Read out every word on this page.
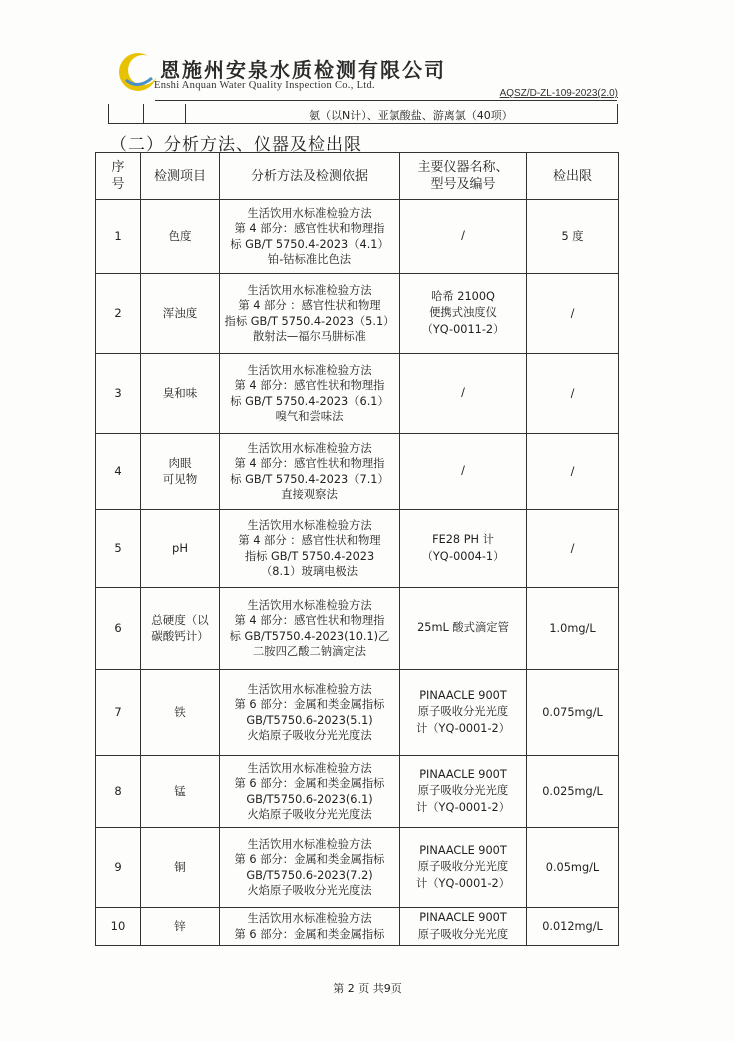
恩施州安泉水质检测有限公司
Enshi Anquan Water Quality Inspection Co., Ltd.
AQSZ/D-ZL-109-2023(2.0)
氨（以N计）、亚氯酸盐、游离氯（40项）
（二）分析方法、仪器及检出限
序
号	检测项目	分析方法及检测依据	主要仪器名称、
型号及编号	检出限

1	色度	生活饮用水标准检验方法
第 4 部分：感官性状和物理指
标 GB/T 5750.4-2023（4.1）
铂-钴标准比色法	/	5 度
2	浑浊度	生活饮用水标准检验方法
第 4 部分 ：感官性状和物理
指标 GB/T 5750.4-2023（5.1）
散射法—福尔马肼标准	哈希 2100Q
便携式浊度仪
（YQ-0011-2）	/
3	臭和味	生活饮用水标准检验方法
第 4 部分：感官性状和物理指
标 GB/T 5750.4-2023（6.1）
嗅气和尝味法	/	/
4	肉眼
可见物	生活饮用水标准检验方法
第 4 部分：感官性状和物理指
标 GB/T 5750.4-2023（7.1）
直接观察法	/	/
5	pH	生活饮用水标准检验方法
第 4 部分 ：感官性状和物理
指标 GB/T 5750.4-2023
（8.1）玻璃电极法	FE28 PH 计
（YQ-0004-1）	/
6	总硬度（以
碳酸钙计）	生活饮用水标准检验方法
第 4 部分：感官性状和物理指
标 GB/T5750.4-2023(10.1)乙
二胺四乙酸二钠滴定法	25mL 酸式滴定管	1.0mg/L
7	铁	生活饮用水标准检验方法
第 6 部分：金属和类金属指标
GB/T5750.6-2023(5.1)
火焰原子吸收分光光度法	PINAACLE 900T
原子吸收分光光度
计（YQ-0001-2）	0.075mg/L
8	锰	生活饮用水标准检验方法
第 6 部分：金属和类金属指标
GB/T5750.6-2023(6.1)
火焰原子吸收分光光度法	PINAACLE 900T
原子吸收分光光度
计（YQ-0001-2）	0.025mg/L
9	铜	生活饮用水标准检验方法
第 6 部分：金属和类金属指标
GB/T5750.6-2023(7.2)
火焰原子吸收分光光度法	PINAACLE 900T
原子吸收分光光度
计（YQ-0001-2）	0.05mg/L
10	锌	生活饮用水标准检验方法
第 6 部分：金属和类金属指标	PINAACLE 900T
原子吸收分光光度	0.012mg/L
第 2 页 共9页
